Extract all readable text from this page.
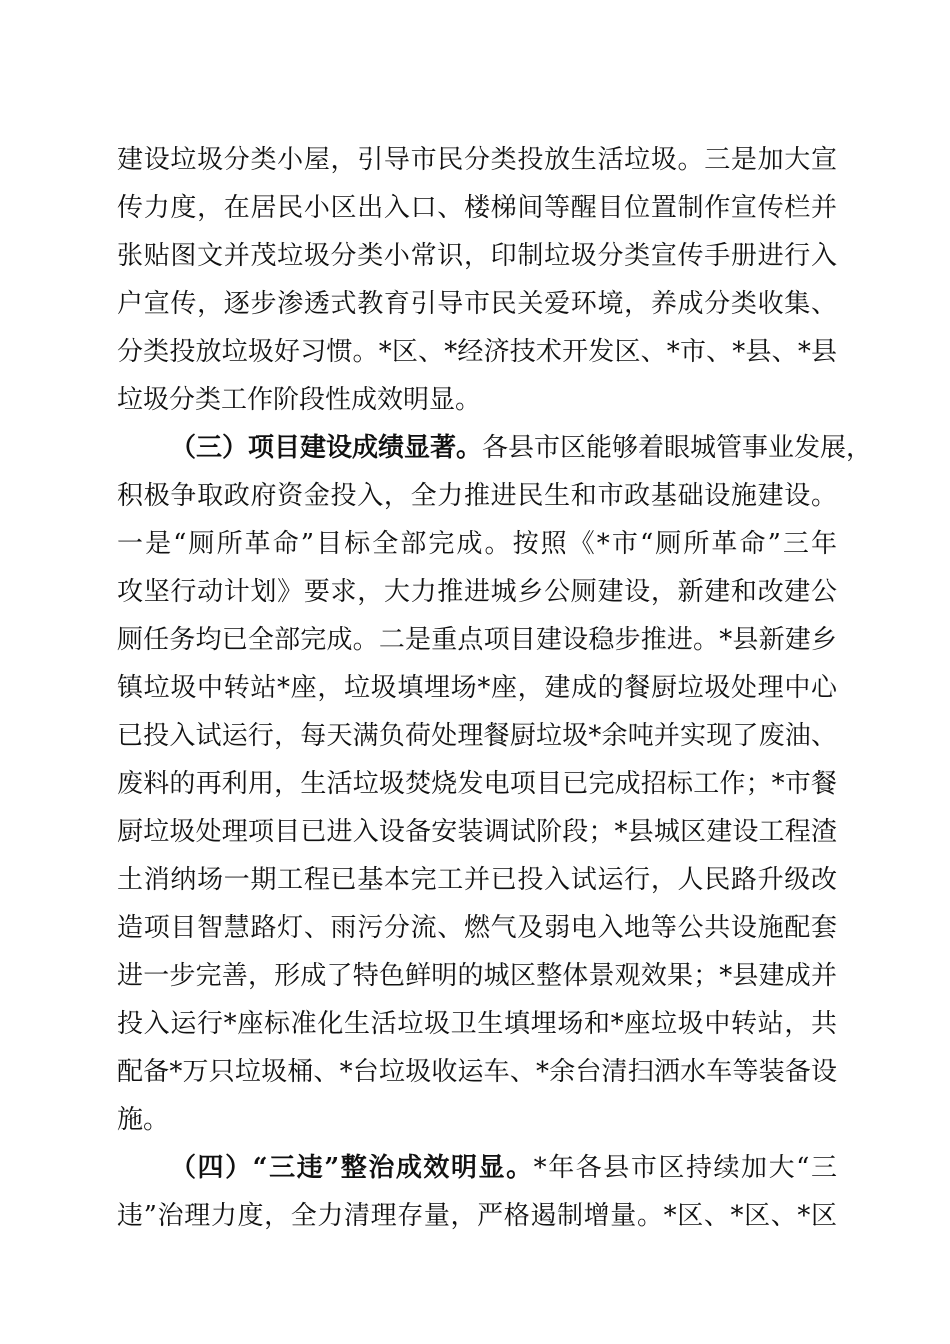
建设垃圾分类小屋，引导市民分类投放生活垃圾。三是加大宣

传力度，在居民小区出入口、楼梯间等醒目位置制作宣传栏并

张贴图文并茂垃圾分类小常识，印制垃圾分类宣传手册进行入

户宣传，逐步渗透式教育引导市民关爱环境，养成分类收集、

分类投放垃圾好习惯。*区、*经济技术开发区、*市、*县、*县

垃圾分类工作阶段性成效明显。

（三）项目建设成绩显著。各县市区能够着眼城管事业发展，

积极争取政府资金投入，全力推进民生和市政基础设施建设。

一是“厕所革命”目标全部完成。按照《*市“厕所革命”三年

攻坚行动计划》要求，大力推进城乡公厕建设，新建和改建公

厕任务均已全部完成。二是重点项目建设稳步推进。*县新建乡

镇垃圾中转站*座，垃圾填埋场*座，建成的餐厨垃圾处理中心

已投入试运行，每天满负荷处理餐厨垃圾*余吨并实现了废油、

废料的再利用，生活垃圾焚烧发电项目已完成招标工作；*市餐

厨垃圾处理项目已进入设备安装调试阶段；*县城区建设工程渣

土消纳场一期工程已基本完工并已投入试运行，人民路升级改

造项目智慧路灯、雨污分流、燃气及弱电入地等公共设施配套

进一步完善，形成了特色鲜明的城区整体景观效果；*县建成并

投入运行*座标准化生活垃圾卫生填埋场和*座垃圾中转站，共

配备*万只垃圾桶、*台垃圾收运车、*余台清扫洒水车等装备设

施。

（四）“三违”整治成效明显。*年各县市区持续加大“三

违”治理力度，全力清理存量，严格遏制增量。*区、*区、*区
